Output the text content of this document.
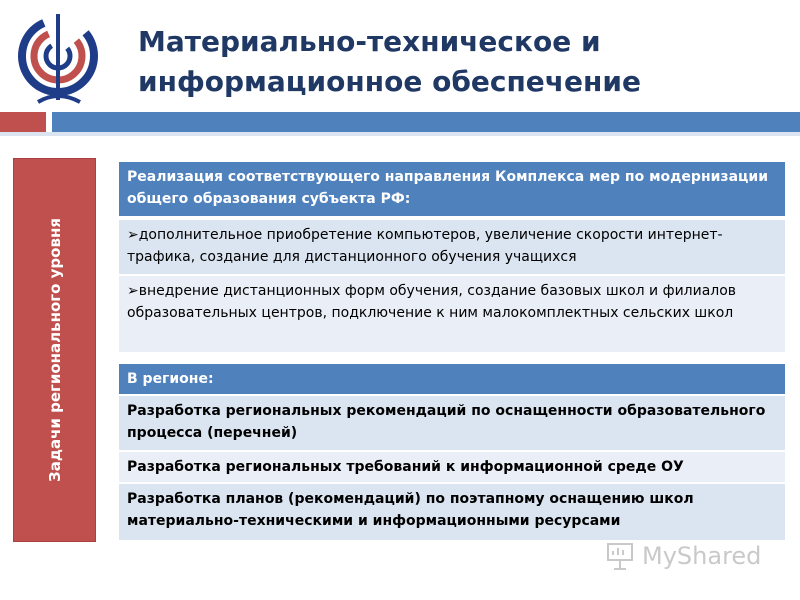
Материально-техническое и информационное обеспечение
Задачи регионального уровня
Реализация соответствующего направления Комплекса мер по модернизации общего образования субъекта РФ:
➢дополнительное приобретение компьютеров, увеличение скорости интернет-трафика, создание для дистанционного обучения учащихся
➢внедрение дистанционных форм обучения, создание базовых школ и филиалов образовательных центров, подключение к ним малокомплектных сельских школ
В регионе:
Разработка региональных рекомендаций по оснащенности образовательного процесса (перечней)
Разработка региональных требований к информационной среде ОУ
Разработка планов (рекомендаций) по поэтапному оснащению школ материально-техническими и информационными ресурсами
MyShared
